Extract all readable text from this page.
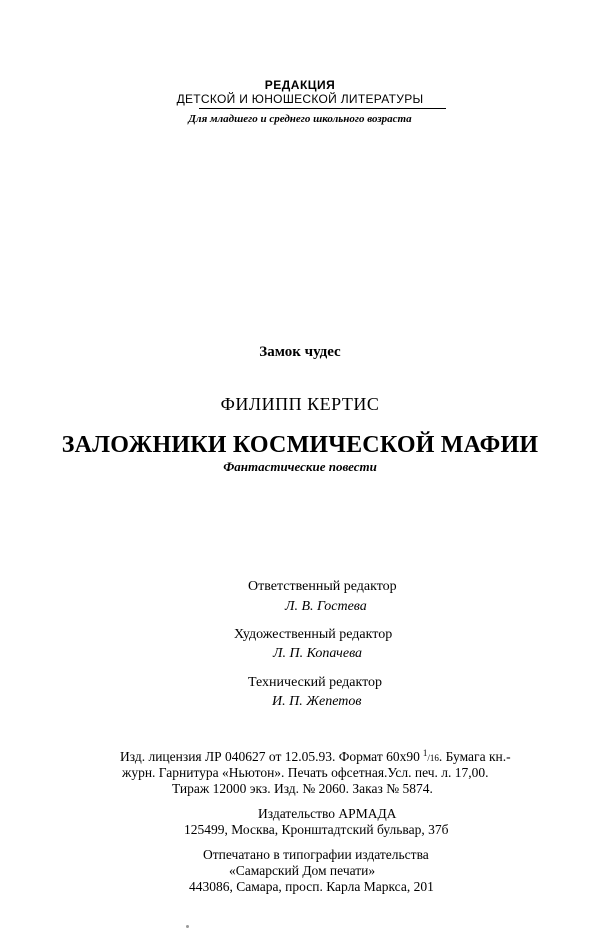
РЕДАКЦИЯ
ДЕТСКОЙ И ЮНОШЕСКОЙ ЛИТЕРАТУРЫ
Для младшего и среднего школьного возраста
Замок чудес
ФИЛИПП КЕРТИС
ЗАЛОЖНИКИ КОСМИЧЕСКОЙ МАФИИ
Фантастические повести
Ответственный редактор
Л. В. Гостева
Художественный редактор
Л. П. Копачева
Технический редактор
И. П. Жепетов
Изд. лицензия ЛР 040627 от 12.05.93. Формат 60х90 $^1$/16. Бумага кн.-
журн. Гарнитура «Ньютон». Печать офсетная.Усл. печ. л. 17,00.
Тираж 12000 экз. Изд. № 2060. Заказ № 5874.
Издательство АРМАДА
125499, Москва, Кронштадтский бульвар, 37б
Отпечатано в типографии издательства
«Самарский Дом печати»
443086, Самара, просп. Карла Маркса, 201
